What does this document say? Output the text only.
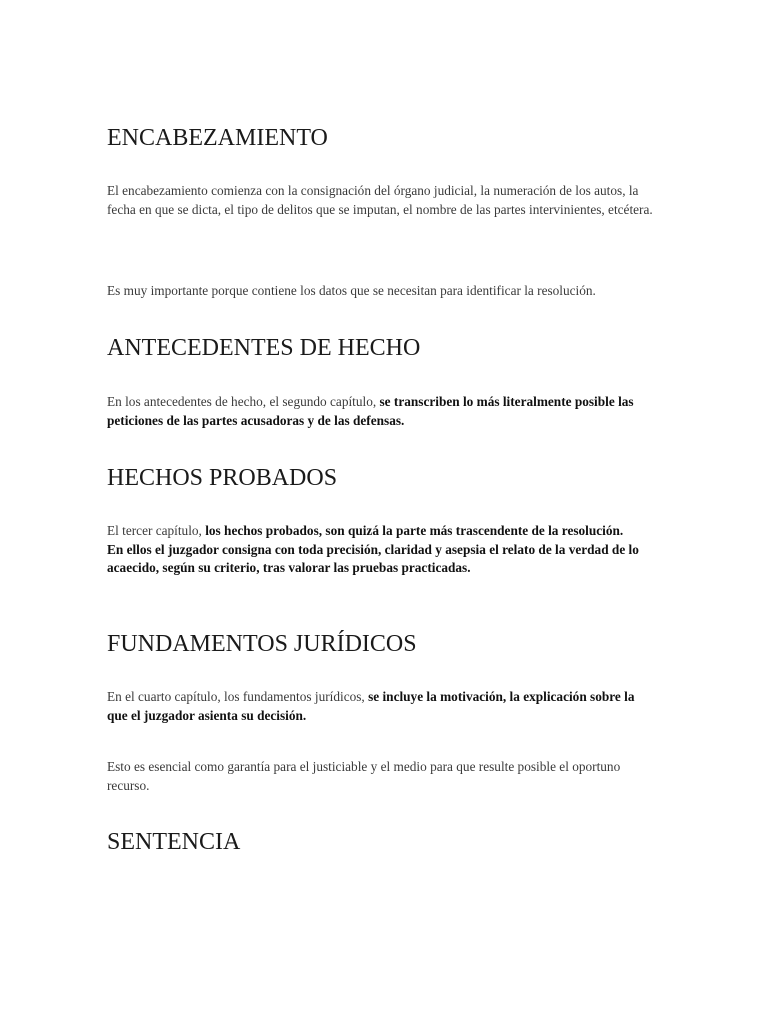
ENCABEZAMIENTO

El encabezamiento comienza con la consignación del órgano judicial, la numeración de los autos, la fecha en que se dicta, el tipo de delitos que se imputan, el nombre de las partes intervinientes, etcétera.

Es muy importante porque contiene los datos que se necesitan para identificar la resolución.

ANTECEDENTES DE HECHO

En los antecedentes de hecho, el segundo capítulo, se transcriben lo más literalmente posible las peticiones de las partes acusadoras y de las defensas.

HECHOS PROBADOS

El tercer capítulo, los hechos probados, son quizá la parte más trascendente de la resolución. En ellos el juzgador consigna con toda precisión, claridad y asepsia el relato de la verdad de lo acaecido, según su criterio, tras valorar las pruebas practicadas.

FUNDAMENTOS JURÍDICOS

En el cuarto capítulo, los fundamentos jurídicos, se incluye la motivación, la explicación sobre la que el juzgador asienta su decisión.

Esto es esencial como garantía para el justiciable y el medio para que resulte posible el oportuno recurso.

SENTENCIA
